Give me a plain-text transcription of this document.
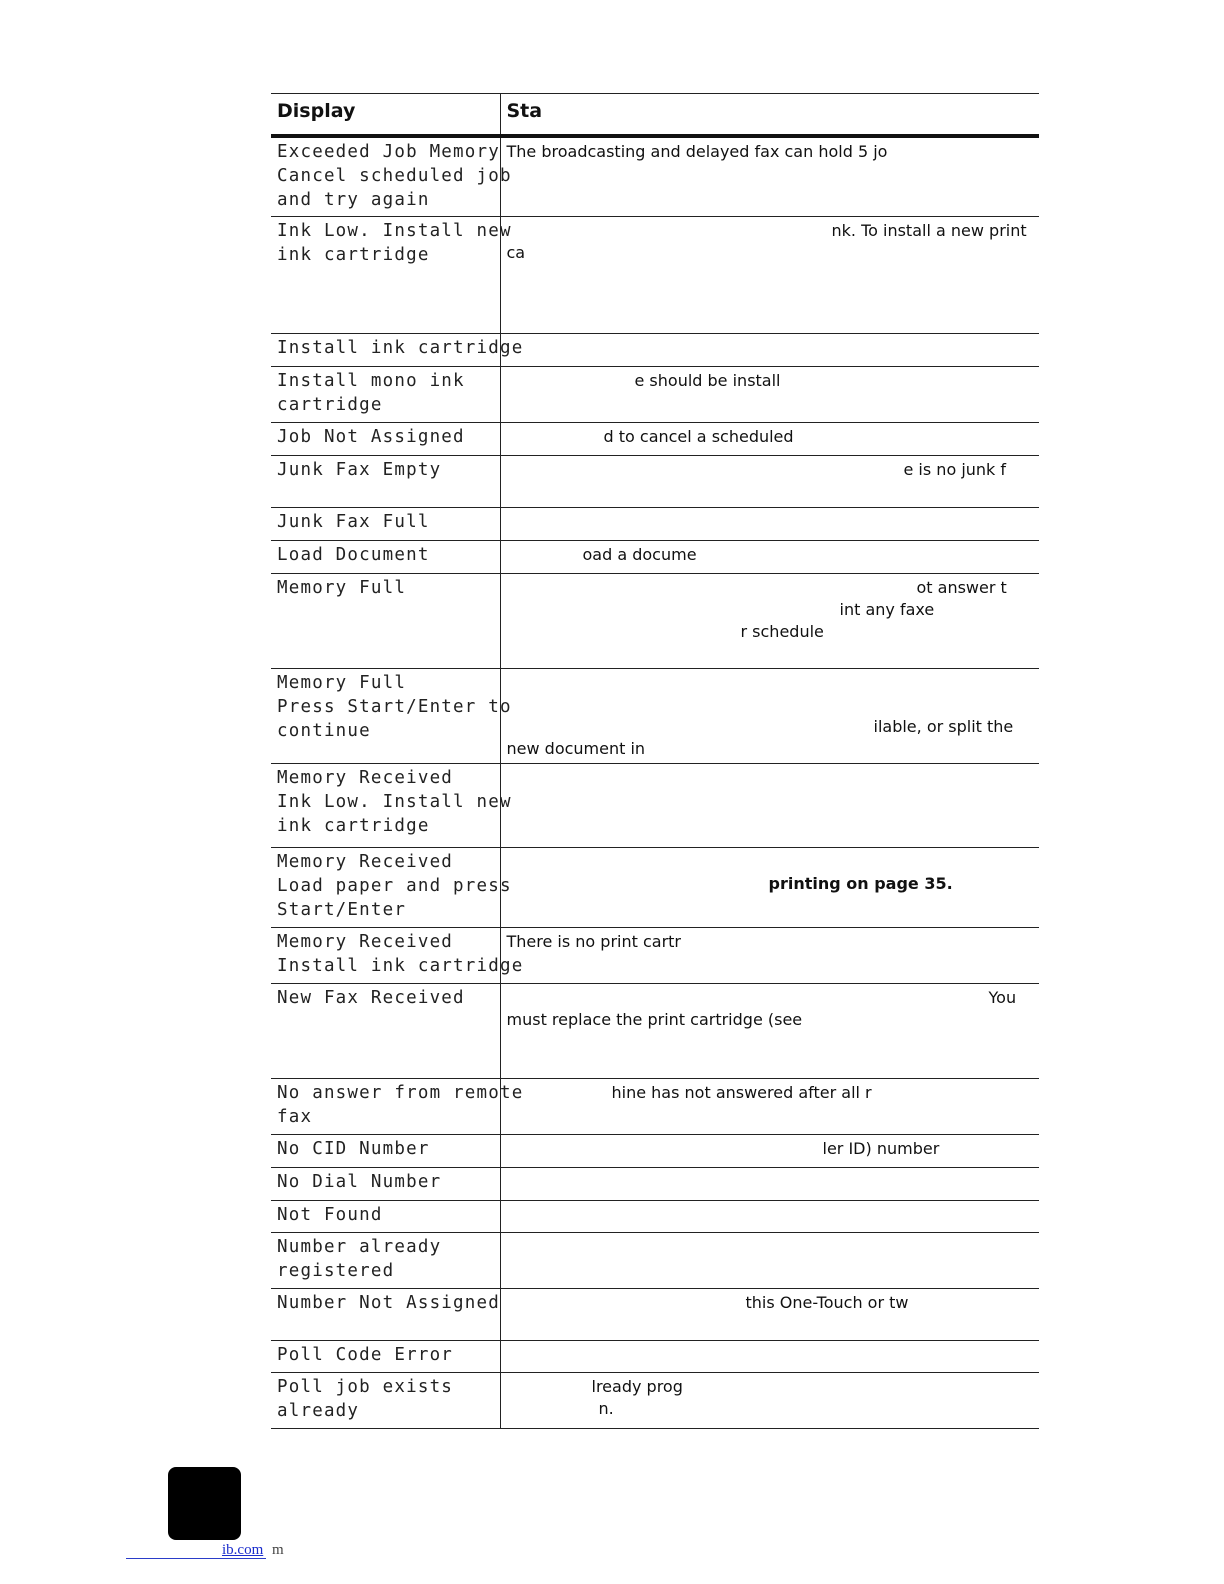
Display	Sta

Exceeded Job Memory
Cancel scheduled job
and try again	The broadcasting and delayed fax can hold 5 jo

Ink Low. Install new
ink cartridge	nk. To install a new print
ca

Install ink cartridge	

Install mono ink
cartridge	e should be install

Job Not Assigned	d to cancel a scheduled

Junk Fax Empty	e is no junk f

Junk Fax Full	

Load Document	oad a docume

Memory Full	ot answer t
int any faxe
r schedule

Memory Full
Press Start/Enter to
continue	ilable, or split the
new document in

Memory Received
Ink Low. Install new
ink cartridge	

Memory Received
Load paper and press
Start/Enter	printing on page 35.

Memory Received
Install ink cartridge	There is no print cartr

New Fax Received	You
must replace the print cartridge (see

No answer from remote
fax	hine has not answered after all r

No CID Number	ler ID) number

No Dial Number	

Not Found	

Number already
registered	

Number Not Assigned	this One-Touch or tw

Poll Code Error	

Poll job exists
already	lready prog
n.
ib.com m
